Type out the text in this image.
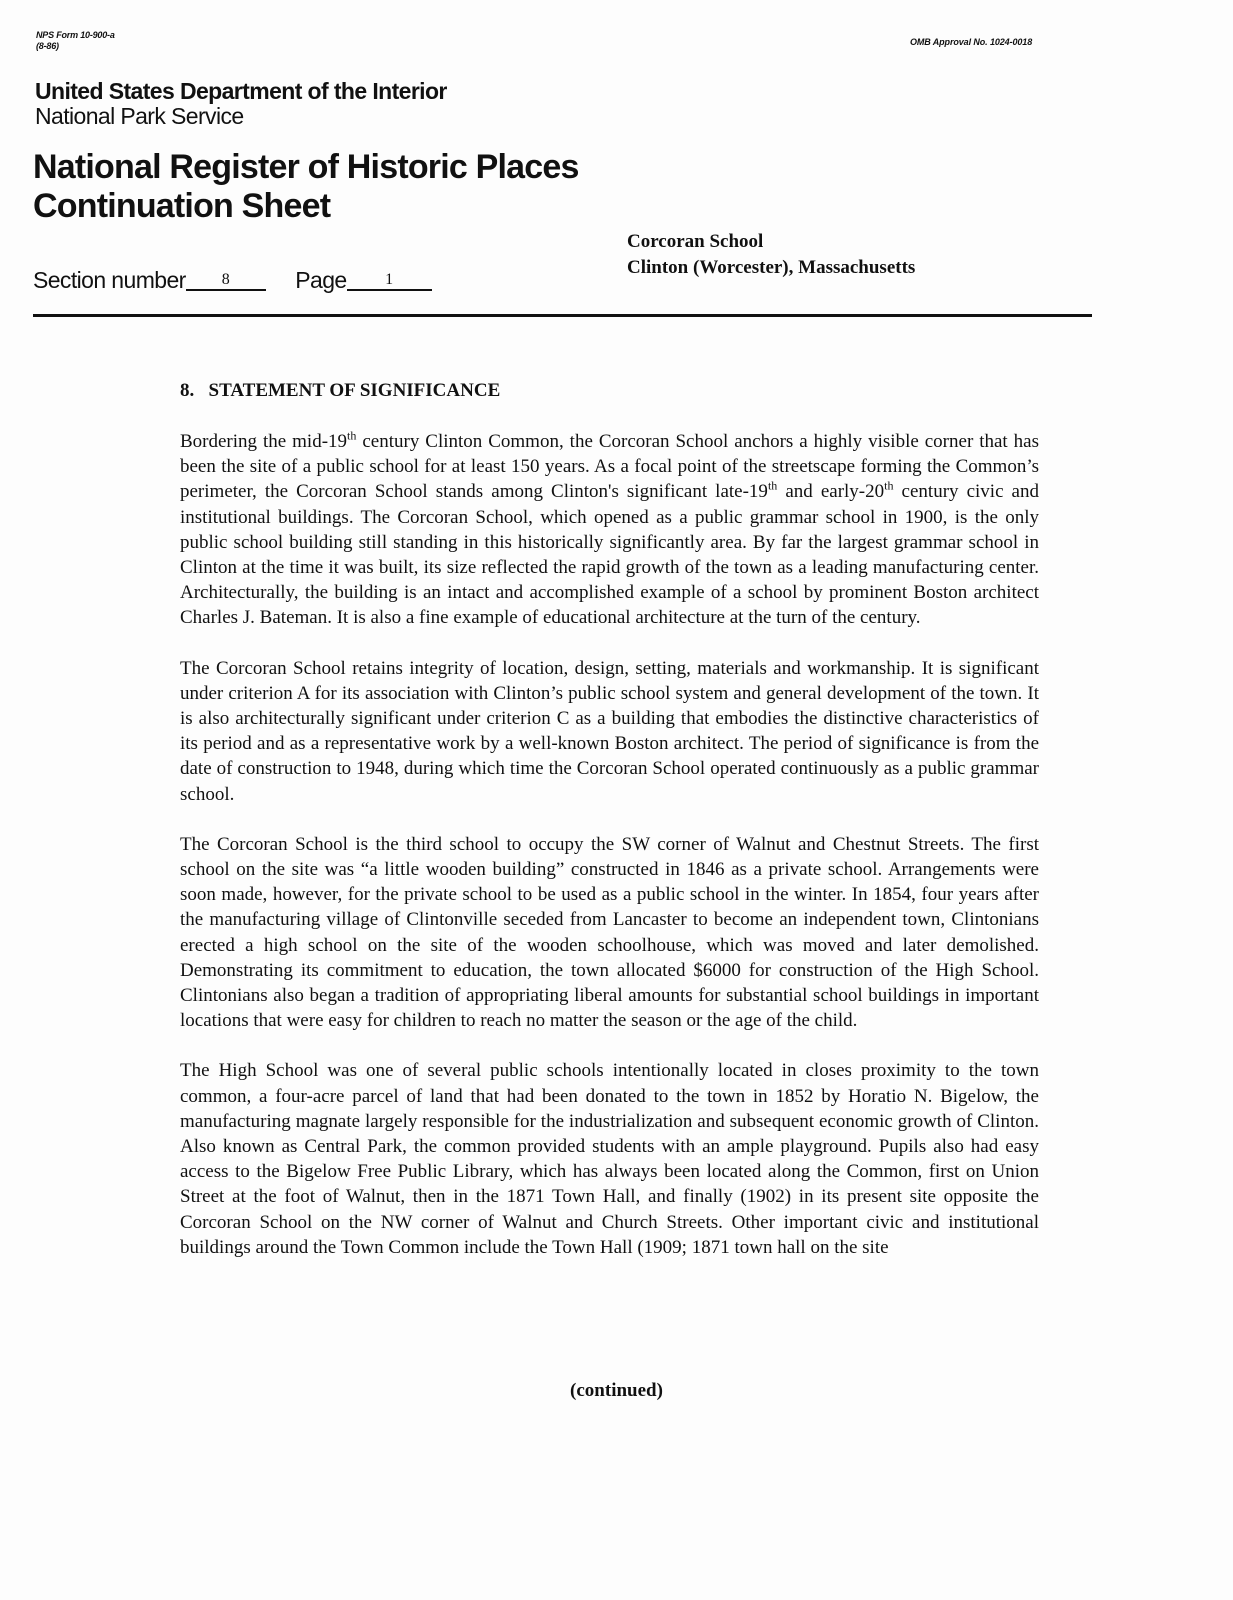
NPS Form 10-900-a
(8-86)	OMB Approval No. 1024-0018
United States Department of the Interior
National Park Service
National Register of Historic Places
Continuation Sheet
Section number 8	Page 1
Corcoran School
Clinton (Worcester), Massachusetts
8.   STATEMENT OF SIGNIFICANCE

Bordering the mid-19th century Clinton Common, the Corcoran School anchors a highly visible corner that has been the site of a public school for at least 150 years. As a focal point of the streetscape forming the Common’s perimeter, the Corcoran School stands among Clinton's significant late-19th and early-20th century civic and institutional buildings. The Corcoran School, which opened as a public grammar school in 1900, is the only public school building still standing in this historically significantly area. By far the largest grammar school in Clinton at the time it was built, its size reflected the rapid growth of the town as a leading manufacturing center. Architecturally, the building is an intact and accomplished example of a school by prominent Boston architect Charles J. Bateman. It is also a fine example of educational architecture at the turn of the century.

The Corcoran School retains integrity of location, design, setting, materials and workmanship. It is significant under criterion A for its association with Clinton’s public school system and general development of the town. It is also architecturally significant under criterion C as a building that embodies the distinctive characteristics of its period and as a representative work by a well-known Boston architect. The period of significance is from the date of construction to 1948, during which time the Corcoran School operated continuously as a public grammar school.

The Corcoran School is the third school to occupy the SW corner of Walnut and Chestnut Streets. The first school on the site was “a little wooden building” constructed in 1846 as a private school. Arrangements were soon made, however, for the private school to be used as a public school in the winter. In 1854, four years after the manufacturing village of Clintonville seceded from Lancaster to become an independent town, Clintonians erected a high school on the site of the wooden schoolhouse, which was moved and later demolished. Demonstrating its commitment to education, the town allocated $6000 for construction of the High School. Clintonians also began a tradition of appropriating liberal amounts for substantial school buildings in important locations that were easy for children to reach no matter the season or the age of the child.

The High School was one of several public schools intentionally located in closes proximity to the town common, a four-acre parcel of land that had been donated to the town in 1852 by Horatio N. Bigelow, the manufacturing magnate largely responsible for the industrialization and subsequent economic growth of Clinton. Also known as Central Park, the common provided students with an ample playground. Pupils also had easy access to the Bigelow Free Public Library, which has always been located along the Common, first on Union Street at the foot of Walnut, then in the 1871 Town Hall, and finally (1902) in its present site opposite the Corcoran School on the NW corner of Walnut and Church Streets. Other important civic and institutional buildings around the Town Common include the Town Hall (1909; 1871 town hall on the site

(continued)
